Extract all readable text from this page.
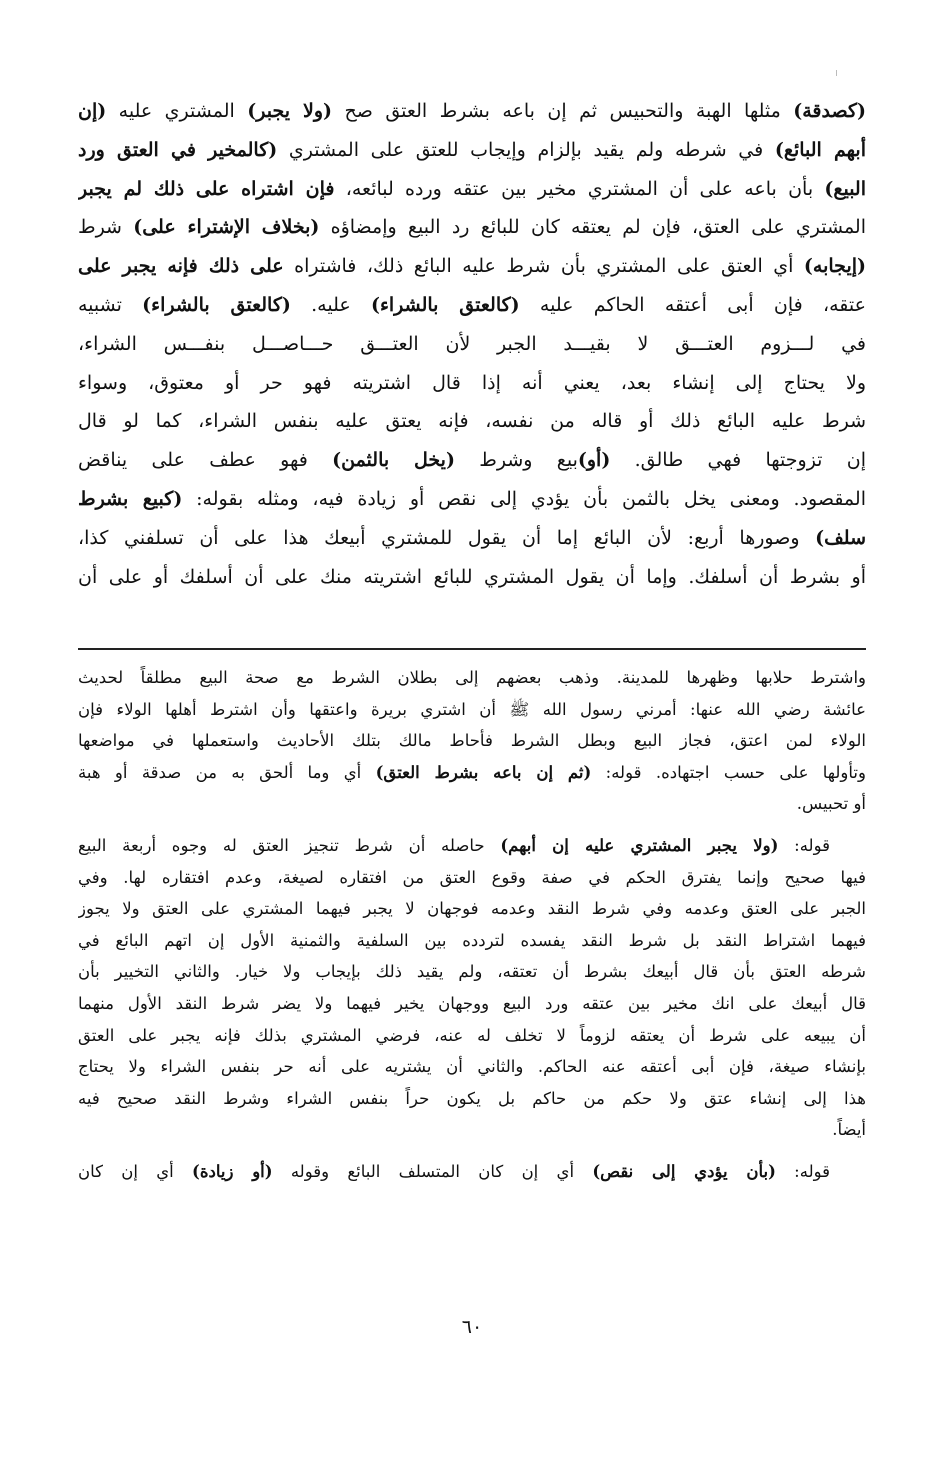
(كصدقة) مثلها الهبة والتحبيس ثم إن باعه بشرط العتق صح (ولا يجبر) المشتري عليه (إن
أبهم البائع) في شرطه ولم يقيد بإلزام وإيجاب للعتق على المشتري (كالمخير في العتق ورد
البيع) بأن باعه على أن المشتري مخير بين عتقه ورده لبائعه، فإن اشتراه على ذلك لم يجبر
المشتري على العتق، فإن لم يعتقه كان للبائع رد البيع وإمضاؤه (بخلاف الإشتراء على) شرط
(إيجابه) أي العتق على المشتري بأن شرط عليه البائع ذلك، فاشتراه على ذلك فإنه يجبر على
عتقه، فإن أبى أعتقه الحاكم عليه (كالعتق بالشراء) عليه. (كالعتق بالشراء) تشبيه
في لـــزوم العتـــق لا بقيـــد الجبر لأن العتـــق حـــاصـــل بنفـــس الشراء،
ولا يحتاج إلى إنشاء بعد، يعني أنه إذا قال اشتريته فهو حر أو معتوق، وسواء
شرط عليه البائع ذلك أو قاله من نفسه، فإنه يعتق عليه بنفس الشراء، كما لو قال
إن تزوجتها فهي طالق. (أو)بيع وشرط (يخل بالثمن) فهو عطف على يناقض
المقصود. ومعنى يخل بالثمن بأن يؤدي إلى نقص أو زيادة فيه، ومثله بقوله: (كبيع بشرط
سلف) وصورها أربع: لأن البائع إما أن يقول للمشتري أبيعك هذا على أن تسلفني كذا،
أو بشرط أن أسلفك. وإما أن يقول المشتري للبائع اشتريته منك على أن أسلفك أو على أن
واشترط حلابها وظهرها للمدينة. وذهب بعضهم إلى بطلان الشرط مع صحة البيع مطلقاً لحديث
عائشة رضي الله عنها: أمرني رسول الله ﷺ أن اشتري بريرة واعتقها وأن اشترط أهلها الولاء فإن
الولاء لمن اعتق، فجاز البيع وبطل الشرط فأحاط مالك بتلك الأحاديث واستعملها في مواضعها
وتأولها على حسب اجتهاده. قوله: (ثم إن باعه بشرط العتق) أي وما ألحق به من صدقة أو هبة
أو تحبيس.
قوله: (ولا يجبر المشتري عليه إن أبهم) حاصله أن شرط تنجيز العتق له وجوه أربعة البيع
فيها صحيح وإنما يفترق الحكم في صفة وقوع العتق من افتقاره لصيغة، وعدم افتقاره لها. وفي
الجبر على العتق وعدمه وفي شرط النقد وعدمه فوجهان لا يجبر فيهما المشتري على العتق ولا يجوز
فيهما اشتراط النقد بل شرط النقد يفسده لتردده بين السلفية والثمنية الأول إن اتهم البائع في
شرطه العتق بأن قال أبيعك بشرط أن تعتقه، ولم يقيد ذلك بإيجاب ولا خيار. والثاني التخيير بأن
قال أبيعك على انك مخير بين عتقه ورد البيع ووجهان يخير فيهما ولا يضر شرط النقد الأول منهما
أن يبيعه على شرط أن يعتقه لزوماً لا تخلف له عنه، فرضي المشتري بذلك فإنه يجبر على العتق
بإنشاء صيغة، فإن أبى أعتقه عنه الحاكم. والثاني أن يشتريه على أنه حر بنفس الشراء ولا يحتاج
هذا إلى إنشاء عتق ولا حكم من حاكم بل يكون حراً بنفس الشراء وشرط النقد صحيح فيه
أيضاً.
قوله: (بأن يؤدي إلى نقص) أي إن كان المتسلف البائع وقوله (أو زيادة) أي إن كان
٦٠
